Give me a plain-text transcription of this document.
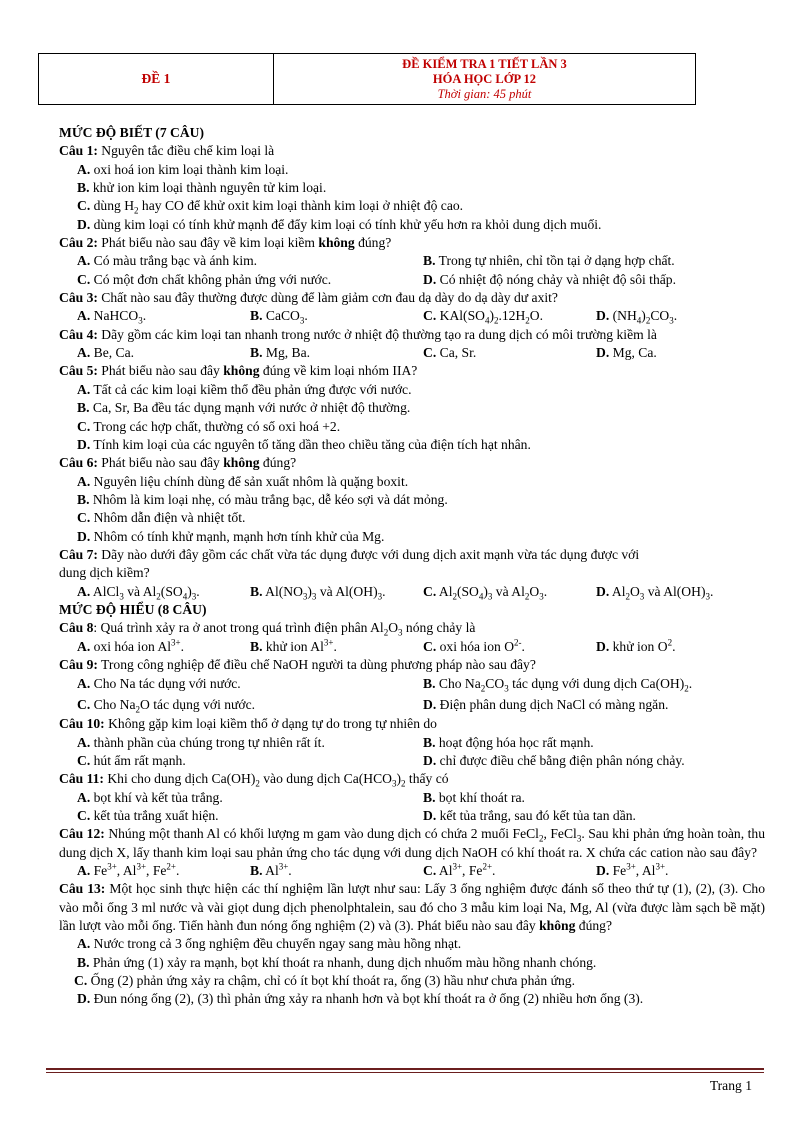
ĐỀ 1
ĐỀ KIỂM TRA 1 TIẾT LẦN 3
HÓA HỌC LỚP 12
Thời gian: 45 phút
MỨC ĐỘ BIẾT (7 CÂU)
Câu 1: Nguyên tắc điều chế kim loại là
A. oxi hoá ion kim loại thành kim loại.
B. khử ion kim loại thành nguyên tử kim loại.
C. dùng $H_2$ hay CO để khử oxit kim loại thành kim loại ở nhiệt độ cao.
D. dùng kim loại có tính khử mạnh để đẩy kim loại có tính khử yếu hơn ra khỏi dung dịch muối.
Câu 2: Phát biểu nào sau đây về kim loại kiềm không đúng?
A. Có màu trắng bạc và ánh kim.	B. Trong tự nhiên, chỉ tồn tại ở dạng hợp chất.
C. Có một đơn chất không phản ứng với nước.	D. Có nhiệt độ nóng chảy và nhiệt độ sôi thấp.
Câu 3: Chất nào sau đây thường được dùng để làm giảm cơn đau dạ dày do dạ dày dư axit?
A. NaHCO$_3$.	B. CaCO$_3$.	C. $KAl(SO_4)_2.12H_2O$.	D. $(NH_4)_2CO_3$.
Câu 4: Dãy gồm các kim loại tan nhanh trong nước ở nhiệt độ thường tạo ra dung dịch có môi trường kiềm là
A. Be, Ca.	B. Mg, Ba.	C. Ca, Sr.	D. Mg, Ca.
Câu 5: Phát biểu nào sau đây không đúng về kim loại nhóm IIA?
A. Tất cả các kim loại kiềm thổ đều phản ứng được với nước.
B. Ca, Sr, Ba đều tác dụng mạnh với nước ở nhiệt độ thường.
C. Trong các hợp chất, thường có số oxi hoá +2.
D. Tính kim loại của các nguyên tố tăng dần theo chiều tăng của điện tích hạt nhân.
Câu 6: Phát biểu nào sau đây không đúng?
A. Nguyên liệu chính dùng để sản xuất nhôm là quặng boxit.
B. Nhôm là kim loại nhẹ, có màu trắng bạc, dễ kéo sợi và dát mỏng.
C. Nhôm dẫn điện và nhiệt tốt.
D. Nhôm có tính khử mạnh, mạnh hơn tính khử của Mg.
Câu 7: Dãy nào dưới đây gồm các chất vừa tác dụng được với dung dịch axit mạnh vừa tác dụng được với
dung dịch kiềm?
A. AlCl$_3$ và $Al_2(SO_4)_3$.	B. $Al(NO_3)_3$ và $Al(OH)_3$.	C. $Al_2(SO_4)_3$ và $Al_2O_3$.	D. $Al_2O_3$ và $Al(OH)_3$.
MỨC ĐỘ HIỂU (8 CÂU)
Câu 8: Quá trình xảy ra ở anot trong quá trình điện phân $Al_2O_3$ nóng chảy là
A. oxi hóa ion $Al^{3+}$.	B. khử ion $Al^{3+}$.	C. oxi hóa ion $O^{2-}$.	D. khử ion $O^2$.
Câu 9: Trong công nghiệp để điều chế NaOH người ta dùng phương pháp nào sau đây?
A. Cho Na tác dụng với nước.	B. Cho $Na_2CO_3$ tác dụng với dung dịch $Ca(OH)_2$.
C. Cho $Na_2O$ tác dụng với nước.	D. Điện phân dung dịch NaCl có màng ngăn.
Câu 10: Không gặp kim loại kiềm thổ ở dạng tự do trong tự nhiên do
A. thành phần của chúng trong tự nhiên rất ít.	B. hoạt động hóa học rất mạnh.
C. hút ẩm rất mạnh.	D. chỉ được điều chế bằng điện phân nóng chảy.
Câu 11: Khi cho dung dịch $Ca(OH)_2$ vào dung dịch $Ca(HCO_3)_2$ thấy có
A. bọt khí và kết tủa trắng.	B. bọt khí thoát ra.
C. kết tủa trắng xuất hiện.	D. kết tủa trắng, sau đó kết tủa tan dần.
Câu 12: Nhúng một thanh Al có khối lượng m gam vào dung dịch có chứa 2 muối FeCl$_2$, FeCl$_3$. Sau khi phản ứng hoàn toàn, thu dung dịch X, lấy thanh kim loại sau phản ứng cho tác dụng với dung dịch NaOH có khí thoát ra. X chứa các cation nào sau đây?
A. $Fe^{3+}$, $Al^{3+}$, $Fe^{2+}$.	B. $Al^{3+}$.	C. $Al^{3+}$, $Fe^{2+}$.	D. $Fe^{3+}$, $Al^{3+}$.
Câu 13: Một học sinh thực hiện các thí nghiệm lần lượt như sau: Lấy 3 ống nghiệm được đánh số theo thứ tự (1), (2), (3). Cho vào mỗi ống 3 ml nước và vài giọt dung dịch phenolphtalein, sau đó cho 3 mẫu kim loại Na, Mg, Al (vừa được làm sạch bề mặt) lần lượt vào mỗi ống. Tiến hành đun nóng ống nghiệm (2) và (3). Phát biểu nào sau đây không đúng?
A. Nước trong cả 3 ống nghiệm đều chuyển ngay sang màu hồng nhạt.
B. Phản ứng (1) xảy ra mạnh, bọt khí thoát ra nhanh, dung dịch nhuốm màu hồng nhanh chóng.
C. Ống (2) phản ứng xảy ra chậm, chỉ có ít bọt khí thoát ra, ống (3) hầu như chưa phản ứng.
D. Đun nóng ống (2), (3) thì phản ứng xảy ra nhanh hơn và bọt khí thoát ra ở ống (2) nhiều hơn ống (3).
Trang 1
